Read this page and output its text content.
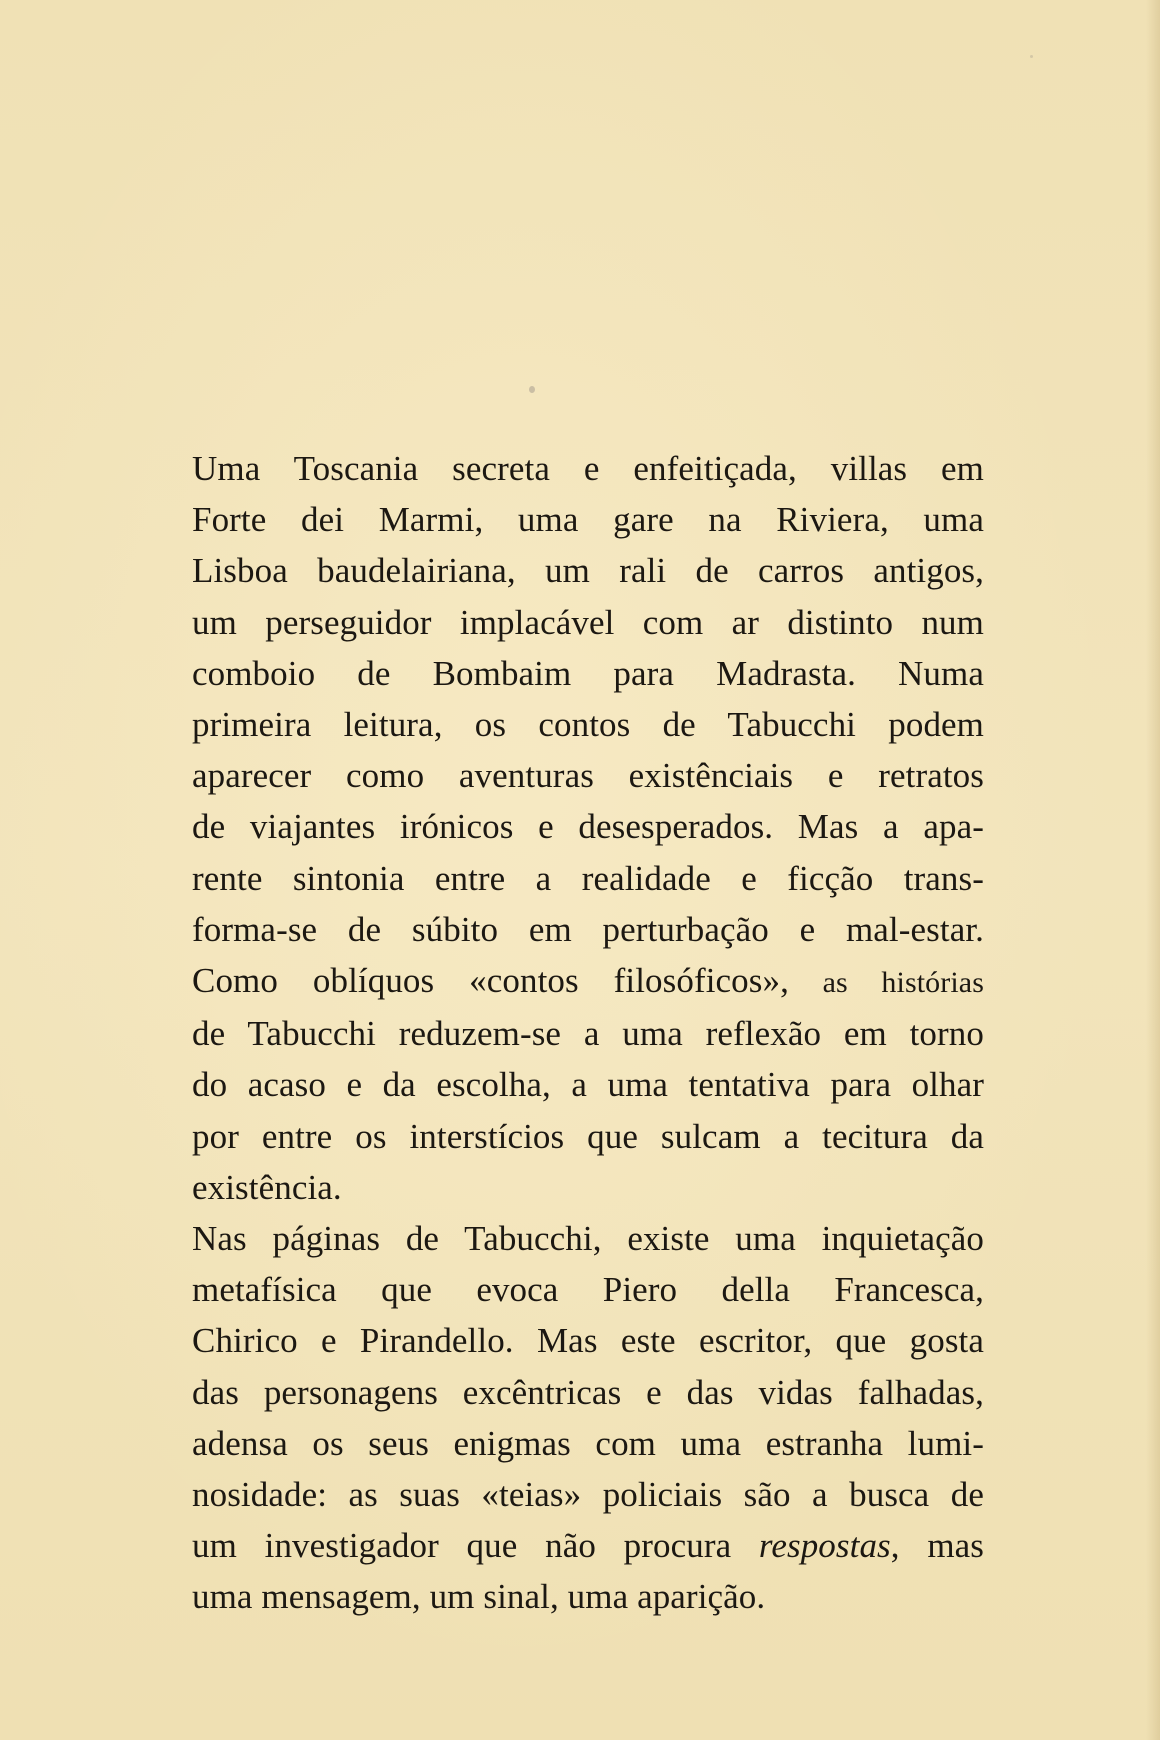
Uma Toscania secreta e enfeitiçada, villas em
Forte dei Marmi, uma gare na Riviera, uma
Lisboa baudelairiana, um rali de carros antigos,
um perseguidor implacável com ar distinto num
comboio de Bombaim para Madrasta. Numa
primeira leitura, os contos de Tabucchi podem
aparecer como aventuras existênciais e retratos
de viajantes irónicos e desesperados. Mas a apa-
rente sintonia entre a realidade e ficção trans-
forma-se de súbito em perturbação e mal-estar.
Como oblíquos «contos filosóficos», as histórias
de Tabucchi reduzem-se a uma reflexão em torno
do acaso e da escolha, a uma tentativa para olhar
por entre os interstícios que sulcam a tecitura da
existência.
Nas páginas de Tabucchi, existe uma inquietação
metafísica que evoca Piero della Francesca,
Chirico e Pirandello. Mas este escritor, que gosta
das personagens excêntricas e das vidas falhadas,
adensa os seus enigmas com uma estranha lumi-
nosidade: as suas «teias» policiais são a busca de
um investigador que não procura respostas, mas
uma mensagem, um sinal, uma aparição.
